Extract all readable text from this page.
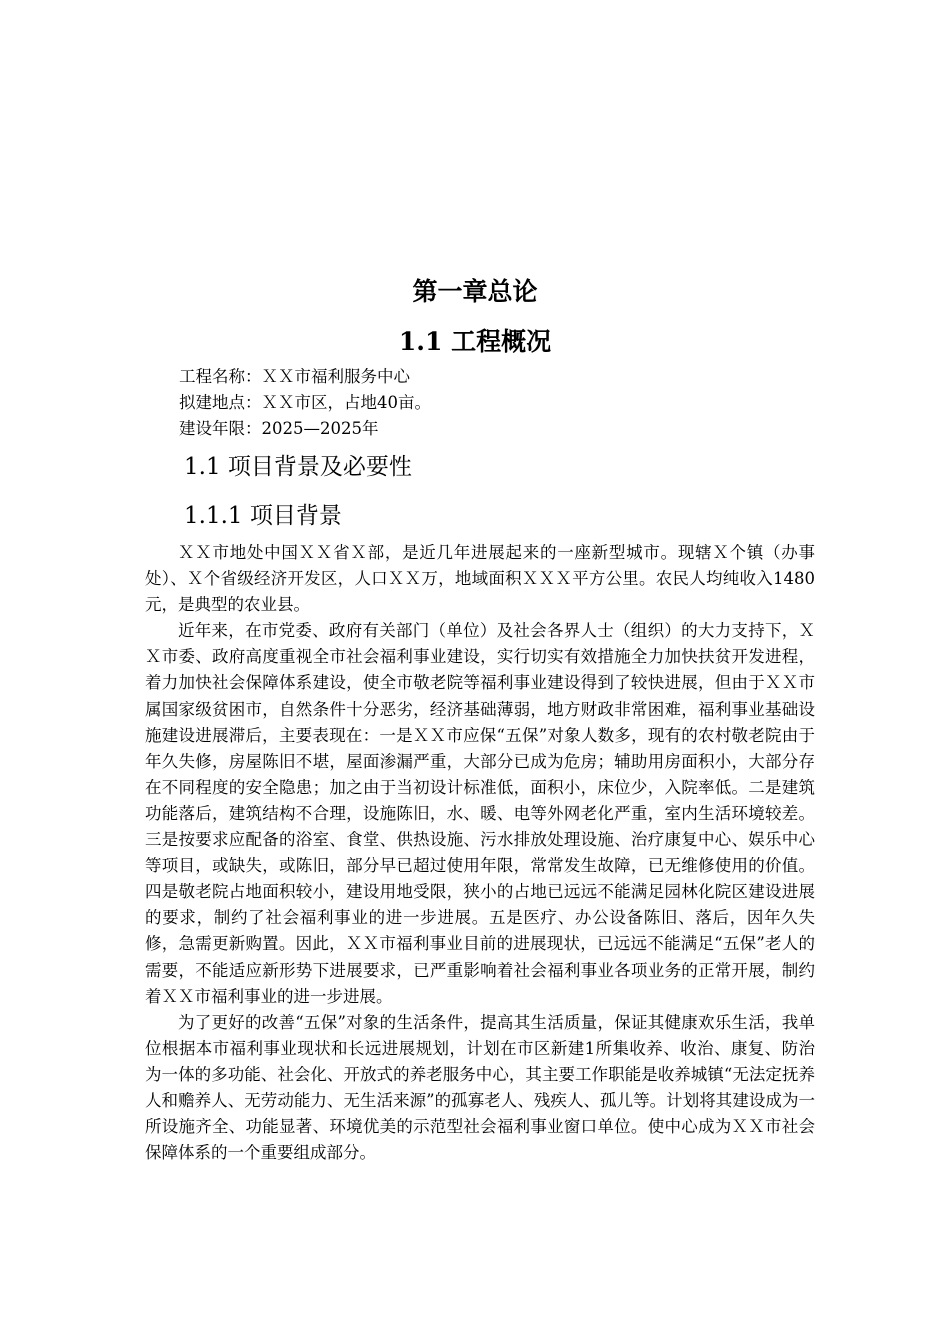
第一章总论
1.1 工程概况
工程名称：ＸＸ市福利服务中心
拟建地点：ＸＸ市区，占地40亩。
建设年限：2025—2025年
1.1 项目背景及必要性
1.1.1 项目背景

ＸＸ市地处中国ＸＸ省Ｘ部，是近几年进展起来的一座新型城市。现辖Ｘ个镇（办事处）、Ｘ个省级经济开发区，人口ＸＸ万，地域面积ＸＸＸ平方公里。农民人均纯收入1480元，是典型的农业县。

近年来，在市党委、政府有关部门（单位）及社会各界人士（组织）的大力支持下，ＸＸ市委、政府高度重视全市社会福利事业建设，实行切实有效措施全力加快扶贫开发进程，着力加快社会保障体系建设，使全市敬老院等福利事业建设得到了较快进展，但由于ＸＸ市属国家级贫困市，自然条件十分恶劣，经济基础薄弱，地方财政非常困难，福利事业基础设施建设进展滞后，主要表现在：一是ＸＸ市应保“五保”对象人数多，现有的农村敬老院由于年久失修，房屋陈旧不堪，屋面渗漏严重，大部分已成为危房；辅助用房面积小，大部分存在不同程度的安全隐患；加之由于当初设计标准低，面积小，床位少，入院率低。二是建筑功能落后，建筑结构不合理，设施陈旧，水、暖、电等外网老化严重，室内生活环境较差。三是按要求应配备的浴室、食堂、供热设施、污水排放处理设施、治疗康复中心、娱乐中心等项目，或缺失，或陈旧，部分早已超过使用年限，常常发生故障，已无维修使用的价值。四是敬老院占地面积较小，建设用地受限，狭小的占地已远远不能满足园林化院区建设进展的要求，制约了社会福利事业的进一步进展。五是医疗、办公设备陈旧、落后，因年久失修，急需更新购置。因此，ＸＸ市福利事业目前的进展现状，已远远不能满足“五保”老人的需要，不能适应新形势下进展要求，已严重影响着社会福利事业各项业务的正常开展，制约着ＸＸ市福利事业的进一步进展。

为了更好的改善“五保”对象的生活条件，提高其生活质量，保证其健康欢乐生活，我单位根据本市福利事业现状和长远进展规划，计划在市区新建1所集收养、收治、康复、防治为一体的多功能、社会化、开放式的养老服务中心，其主要工作职能是收养城镇“无法定抚养人和赡养人、无劳动能力、无生活来源”的孤寡老人、残疾人、孤儿等。计划将其建设成为一所设施齐全、功能显著、环境优美的示范型社会福利事业窗口单位。使中心成为ＸＸ市社会保障体系的一个重要组成部分。
